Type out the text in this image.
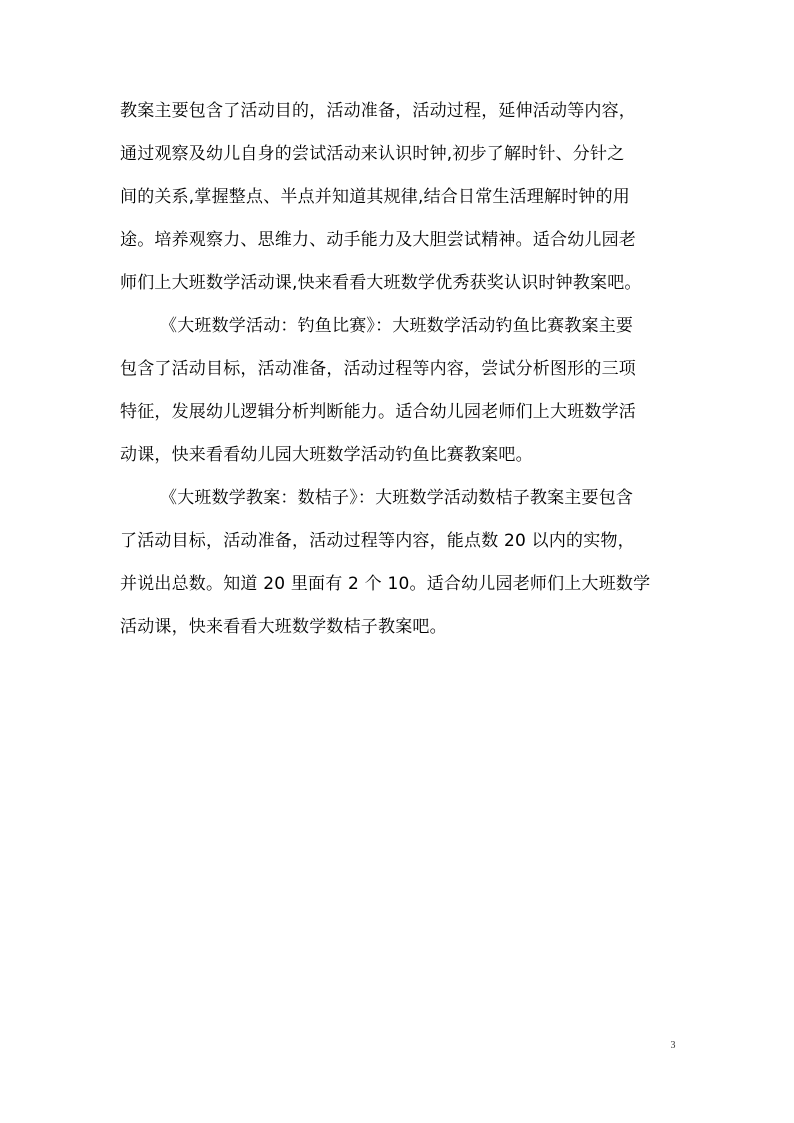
教案主要包含了活动目的，活动准备，活动过程，延伸活动等内容，
通过观察及幼儿自身的尝试活动来认识时钟,初步了解时针、分针之
间的关系,掌握整点、半点并知道其规律,结合日常生活理解时钟的用
途。培养观察力、思维力、动手能力及大胆尝试精神。适合幼儿园老
师们上大班数学活动课,快来看看大班数学优秀获奖认识时钟教案吧。
《大班数学活动：钓鱼比赛》：大班数学活动钓鱼比赛教案主要
包含了活动目标，活动准备，活动过程等内容，尝试分析图形的三项
特征，发展幼儿逻辑分析判断能力。适合幼儿园老师们上大班数学活
动课，快来看看幼儿园大班数学活动钓鱼比赛教案吧。
《大班数学教案：数桔子》：大班数学活动数桔子教案主要包含
了活动目标，活动准备，活动过程等内容，能点数 20 以内的实物，
并说出总数。知道 20 里面有 2 个 10。适合幼儿园老师们上大班数学
活动课，快来看看大班数学数桔子教案吧。
3
